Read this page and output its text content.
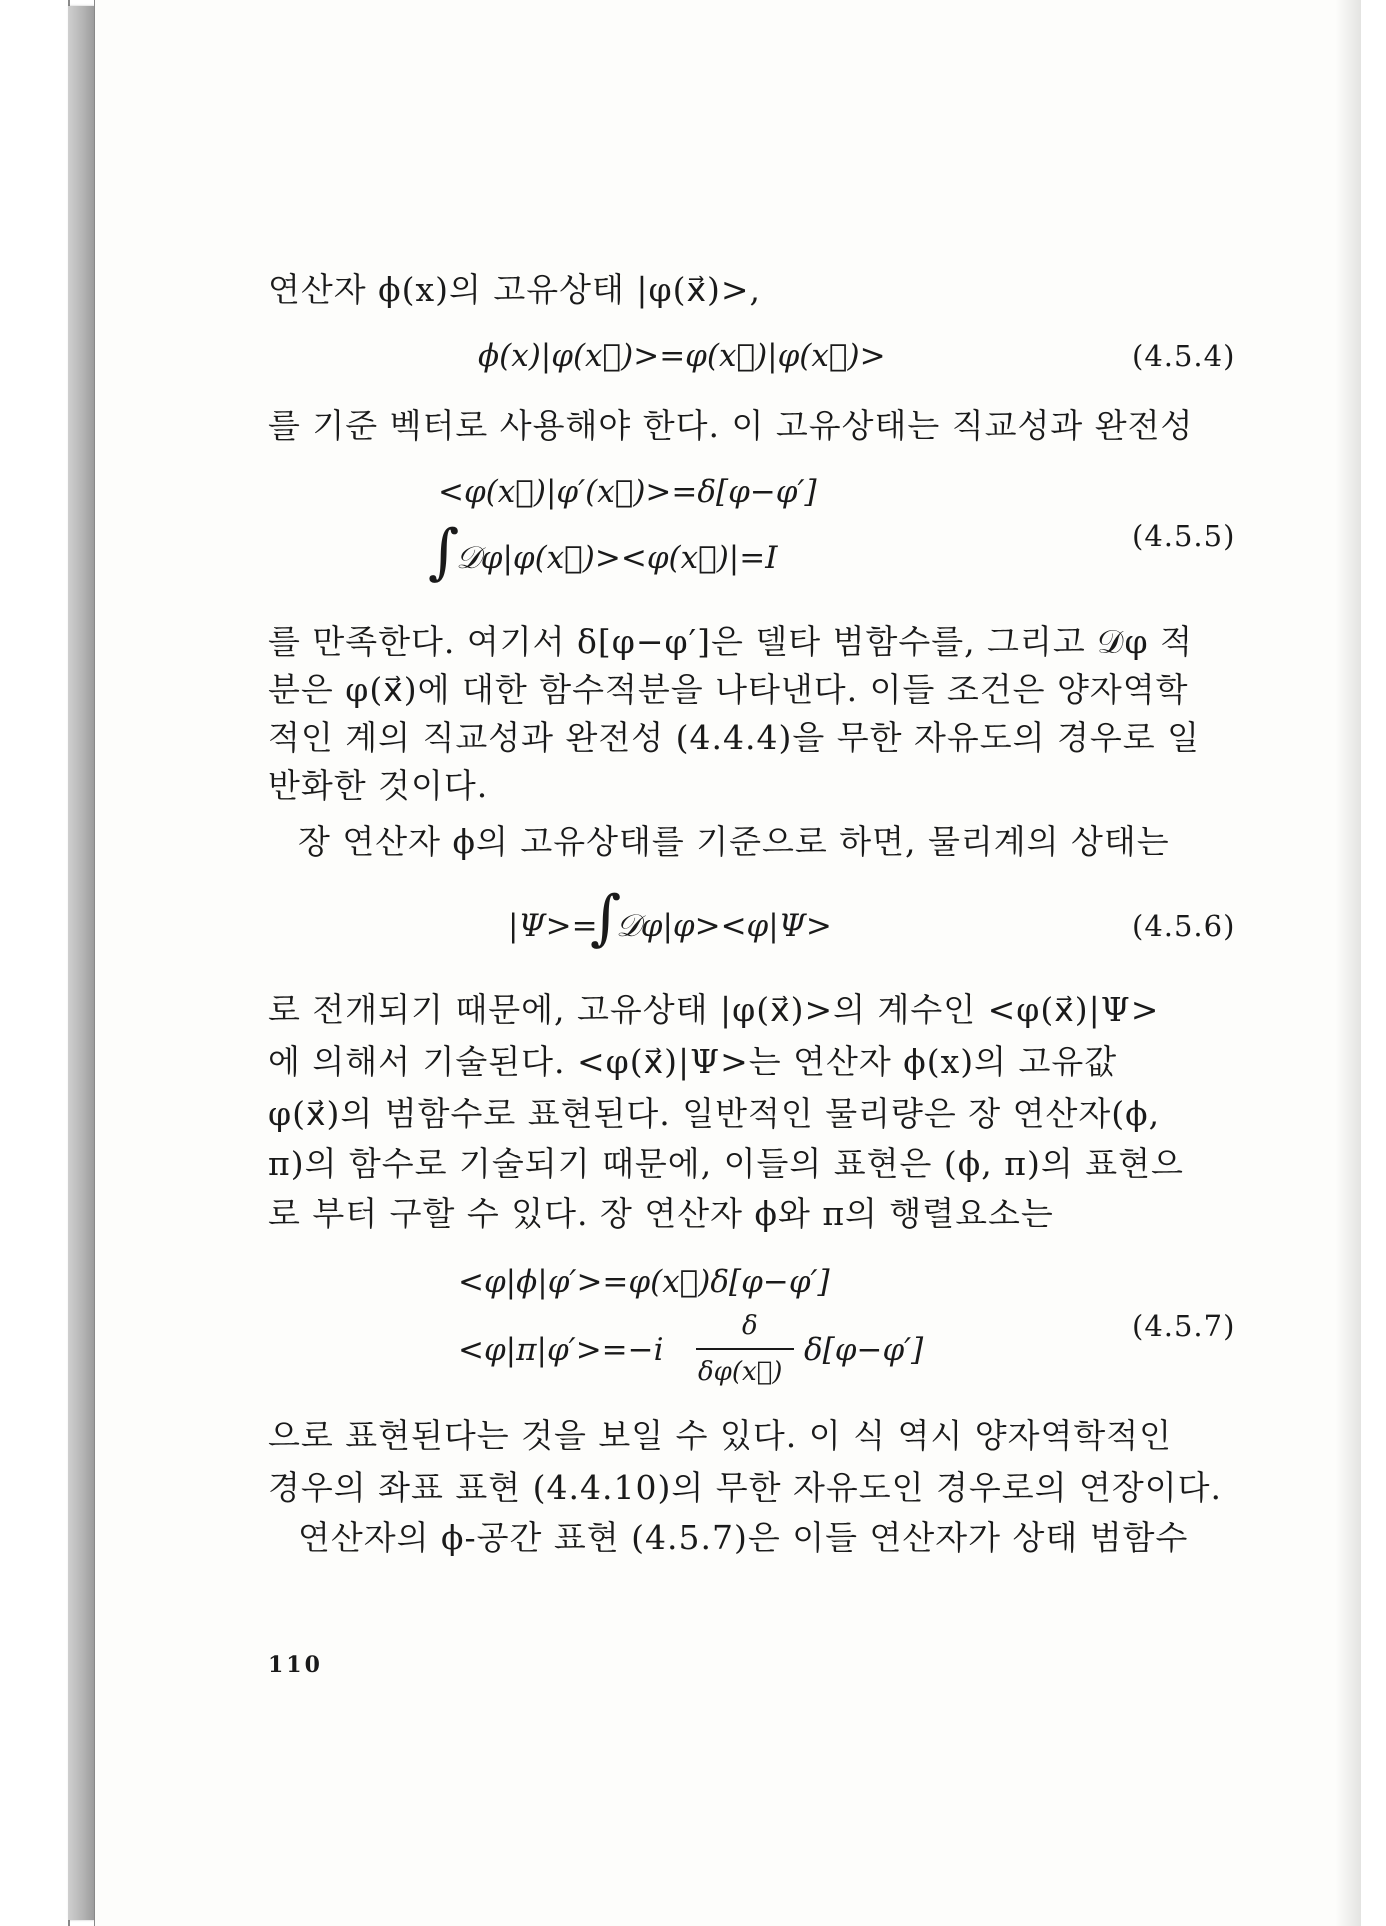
연산자 ϕ(x)의 고유상태 |φ(x⃗)>,
ϕ(x)|φ(x⃗)>=φ(x⃗)|φ(x⃗)>	(4.5.4)
를 기준 벡터로 사용해야 한다. 이 고유상태는 직교성과 완전성
<φ(x⃗)|φ′(x⃗)>=δ[φ−φ′]
∫
𝒟φ|φ(x⃗)><φ(x⃗)|=I
(4.5.5)
를 만족한다. 여기서 δ[φ−φ′]은 델타 범함수를, 그리고 𝒟φ 적
분은 φ(x⃗)에 대한 함수적분을 나타낸다. 이들 조건은 양자역학
적인 계의 직교성과 완전성 (4.4.4)을 무한 자유도의 경우로 일
반화한 것이다.
장 연산자 ϕ의 고유상태를 기준으로 하면, 물리계의 상태는
|Ψ>=
∫
𝒟φ|φ><φ|Ψ>	(4.5.6)
로 전개되기 때문에, 고유상태 |φ(x⃗)>의 계수인 <φ(x⃗)|Ψ>
에 의해서 기술된다. <φ(x⃗)|Ψ>는 연산자 ϕ(x)의 고유값
φ(x⃗)의 범함수로 표현된다. 일반적인 물리량은 장 연산자(ϕ,
π)의 함수로 기술되기 때문에, 이들의 표현은 (ϕ, π)의 표현으
로 부터 구할 수 있다. 장 연산자 ϕ와 π의 행렬요소는
<φ|ϕ|φ′>=φ(x⃗)δ[φ−φ′]
<φ|π|φ′>=−i
δ
δφ(x⃗)
δ[φ−φ′]
(4.5.7)
으로 표현된다는 것을 보일 수 있다. 이 식 역시 양자역학적인
경우의 좌표 표현 (4.4.10)의 무한 자유도인 경우로의 연장이다.
연산자의 ϕ-공간 표현 (4.5.7)은 이들 연산자가 상태 범함수
110
